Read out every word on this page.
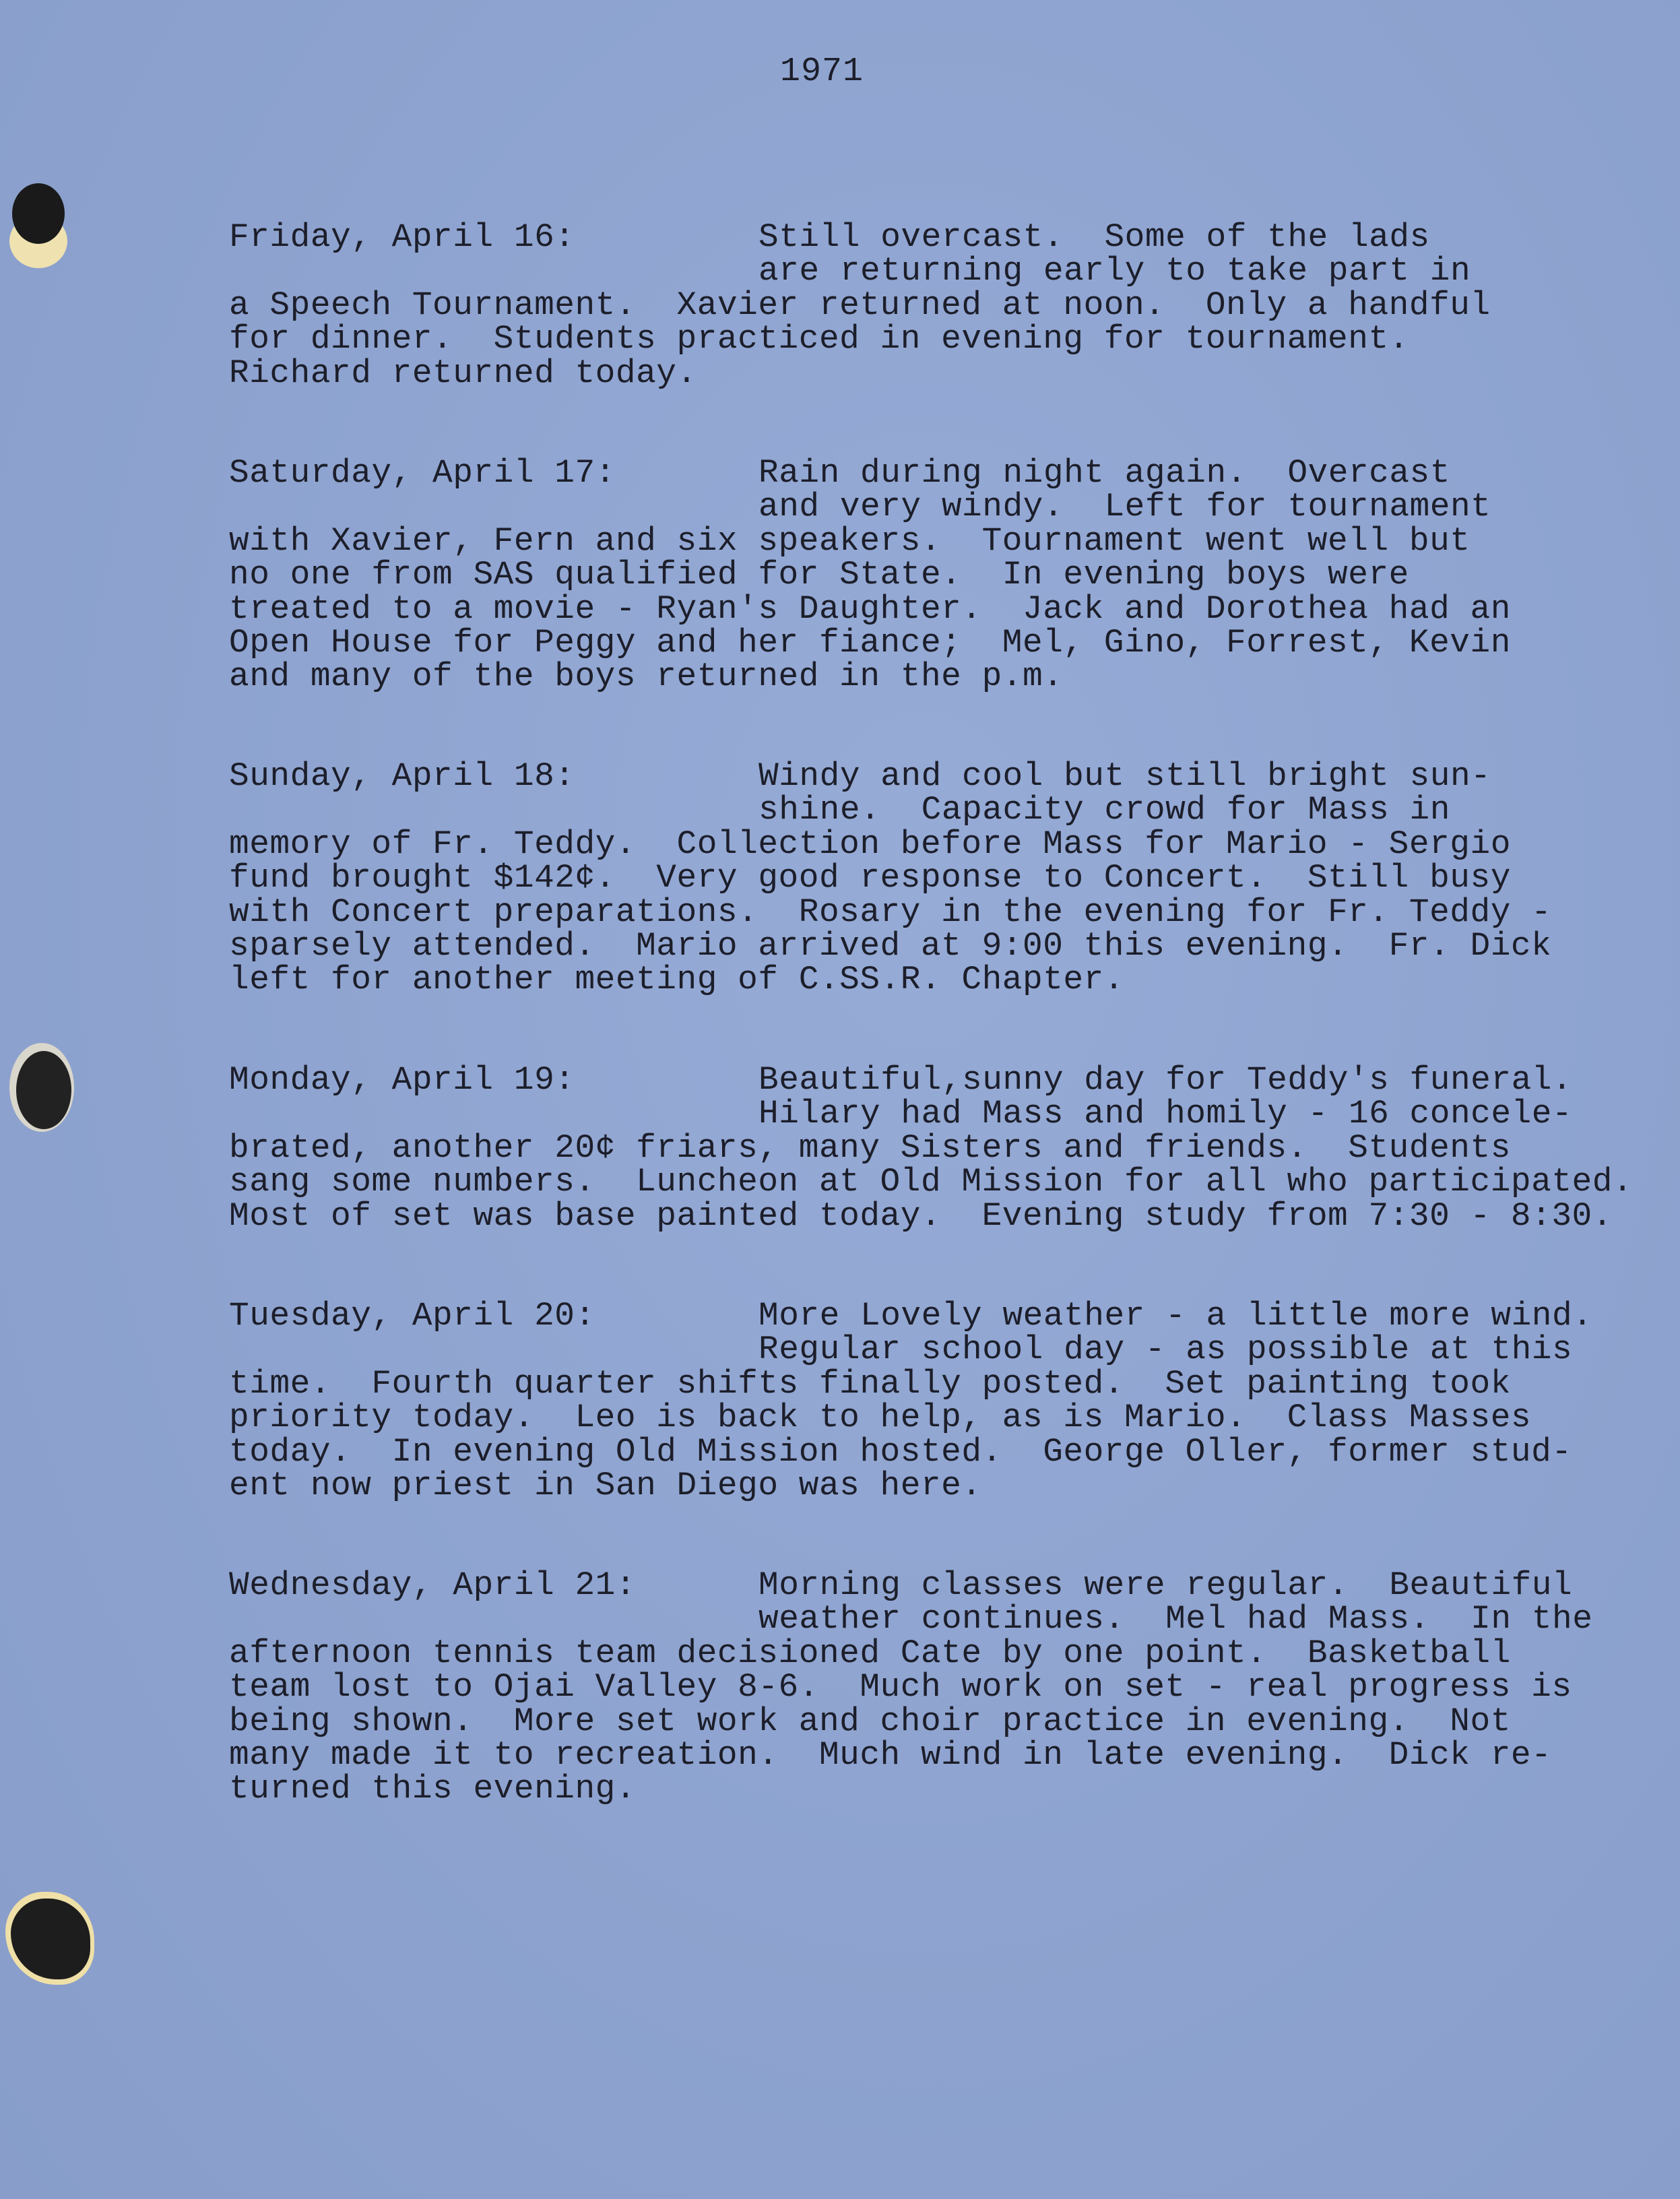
1971
Friday, April 16:	Still overcast.  Some of the lads
are returning early to take part in
a Speech Tournament.  Xavier returned at noon.  Only a handful
for dinner.  Students practiced in evening for tournament.
Richard returned today.
Saturday, April 17:	Rain during night again.  Overcast
and very windy.  Left for tournament
with Xavier, Fern and six speakers.  Tournament went well but
no one from SAS qualified for State.  In evening boys were
treated to a movie - Ryan's Daughter.  Jack and Dorothea had an
Open House for Peggy and her fiance;  Mel, Gino, Forrest, Kevin
and many of the boys returned in the p.m.
Sunday, April 18:	Windy and cool but still bright sun-
shine.  Capacity crowd for Mass in
memory of Fr. Teddy.  Collection before Mass for Mario - Sergio
fund brought $142¢.  Very good response to Concert.  Still busy
with Concert preparations.  Rosary in the evening for Fr. Teddy -
sparsely attended.  Mario arrived at 9:00 this evening.  Fr. Dick
left for another meeting of C.SS.R. Chapter.
Monday, April 19:	Beautiful,sunny day for Teddy's funeral.
Hilary had Mass and homily - 16 concele-
brated, another 20¢ friars, many Sisters and friends.  Students
sang some numbers.  Luncheon at Old Mission for all who participated.
Most of set was base painted today.  Evening study from 7:30 - 8:30.
Tuesday, April 20:	More Lovely weather - a little more wind.
Regular school day - as possible at this
time.  Fourth quarter shifts finally posted.  Set painting took
priority today.  Leo is back to help, as is Mario.  Class Masses
today.  In evening Old Mission hosted.  George Oller, former stud-
ent now priest in San Diego was here.
Wednesday, April 21:	Morning classes were regular.  Beautiful
weather continues.  Mel had Mass.  In the
afternoon tennis team decisioned Cate by one point.  Basketball
team lost to Ojai Valley 8-6.  Much work on set - real progress is
being shown.  More set work and choir practice in evening.  Not
many made it to recreation.  Much wind in late evening.  Dick re-
turned this evening.
